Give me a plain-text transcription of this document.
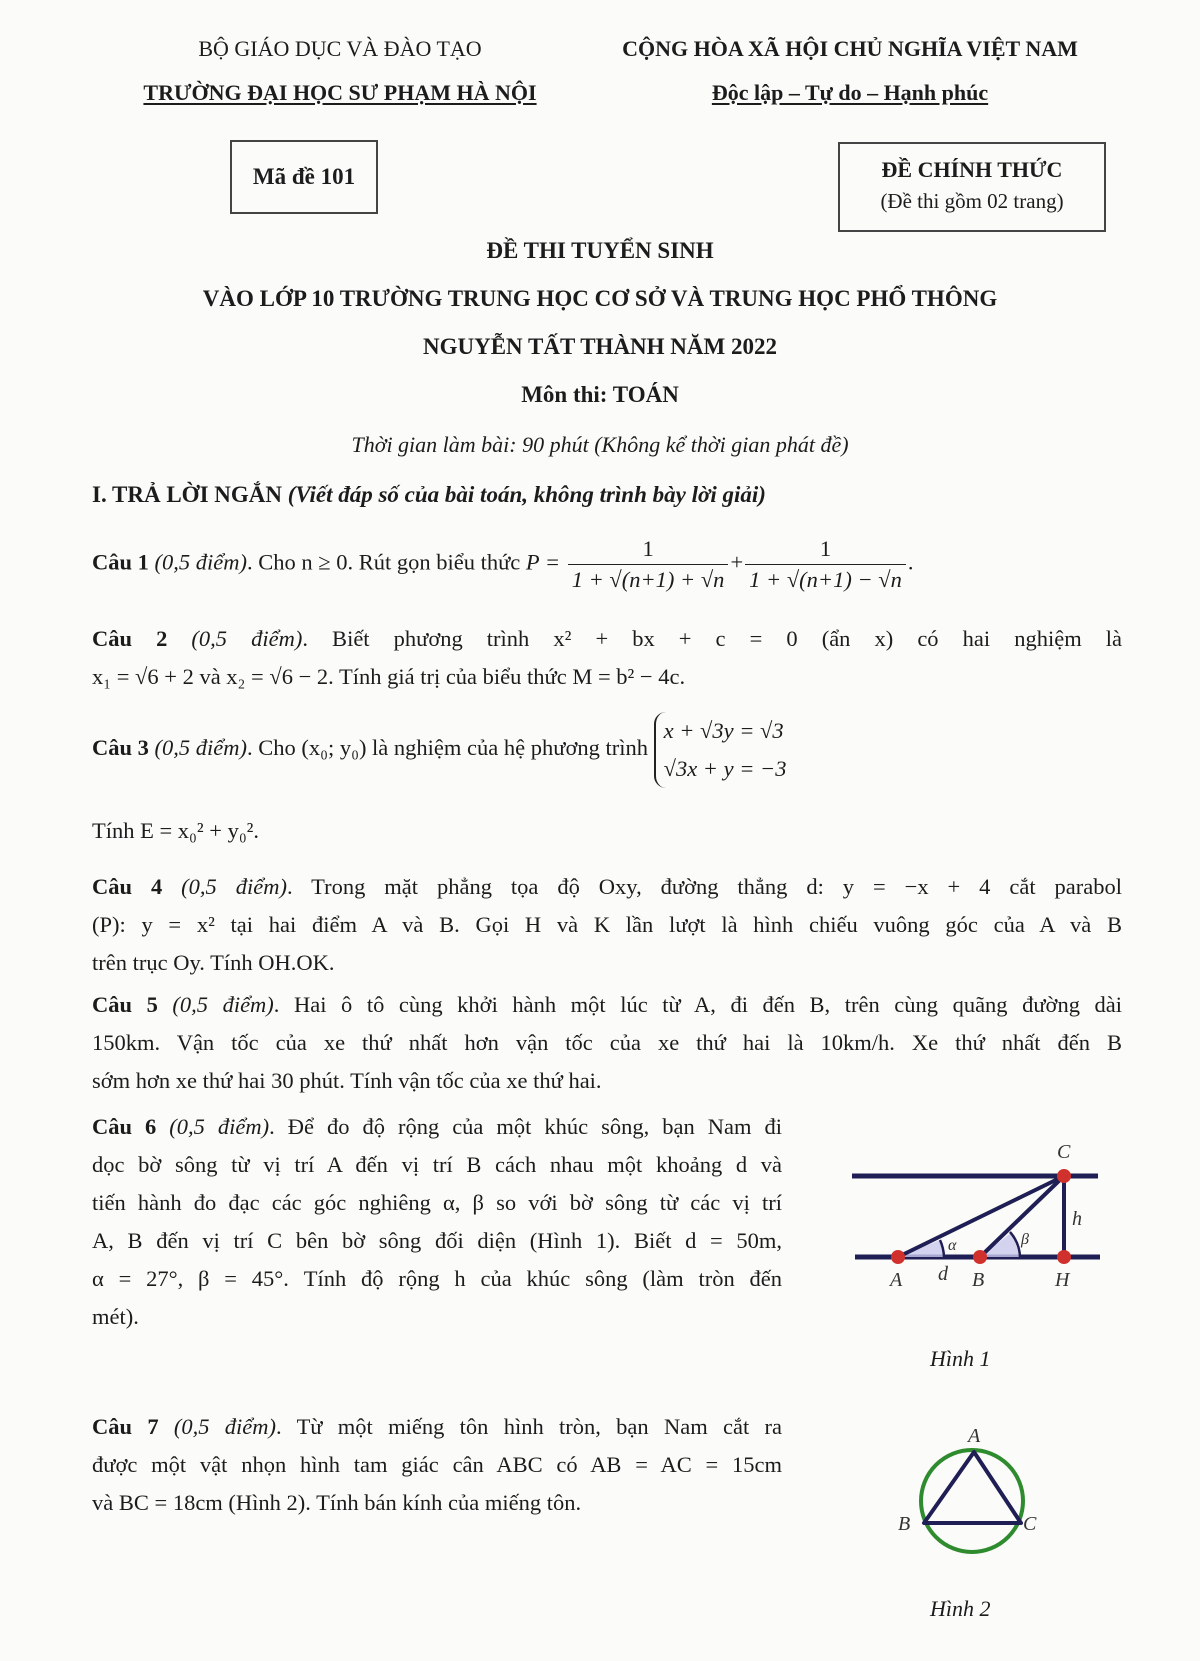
BỘ GIÁO DỤC VÀ ĐÀO TẠO
TRƯỜNG ĐẠI HỌC SƯ PHẠM HÀ NỘI
CỘNG HÒA XÃ HỘI CHỦ NGHĨA VIỆT NAM
Độc lập – Tự do – Hạnh phúc
Mã đề 101	ĐỀ CHÍNH THỨC
(Đề thi gồm 02 trang)
ĐỀ THI TUYỂN SINH
VÀO LỚP 10 TRƯỜNG TRUNG HỌC CƠ SỞ VÀ TRUNG HỌC PHỔ THÔNG
NGUYỄN TẤT THÀNH NĂM 2022
Môn thi: TOÁN
Thời gian làm bài: 90 phút (Không kể thời gian phát đề)
I. TRẢ LỜI NGẮN (Viết đáp số của bài toán, không trình bày lời giải)
Câu 1 (0,5 điểm). Cho n ≥ 0. Rút gọn biểu thức $P = \frac{1}{1 + √(n+1) + √n} + \frac{1}{1 + √(n+1) - √n}$ .
Câu 2 (0,5 điểm). Biết phương trình x² + bx + c = 0 (ẩn x) có hai nghiệm là
x₁ = √6 + 2 và x₂ = √6 − 2. Tính giá trị của biểu thức M = b² − 4c.
Câu 3 (0,5 điểm). Cho (x₀; y₀) là nghiệm của hệ phương trình
x + √3y = √3
√3x + y = −3
Tính E = x₀² + y₀².
Câu 4 (0,5 điểm). Trong mặt phẳng tọa độ Oxy, đường thẳng d: y = −x + 4 cắt parabol
(P): y = x² tại hai điểm A và B. Gọi H và K lần lượt là hình chiếu vuông góc của A và B
trên trục Oy. Tính OH.OK.
Câu 5 (0,5 điểm). Hai ô tô cùng khởi hành một lúc từ A, đi đến B, trên cùng quãng đường dài
150km. Vận tốc của xe thứ nhất hơn vận tốc của xe thứ hai là 10km/h. Xe thứ nhất đến B
sớm hơn xe thứ hai 30 phút. Tính vận tốc của xe thứ hai.
Câu 6 (0,5 điểm). Để đo độ rộng của một khúc sông, bạn Nam đi
dọc bờ sông từ vị trí A đến vị trí B cách nhau một khoảng d và
tiến hành đo đạc các góc nghiêng α, β so với bờ sông từ các vị trí
A, B đến vị trí C bên bờ sông đối diện (Hình 1). Biết d = 50m,
α = 27°, β = 45°. Tính độ rộng h của khúc sông (làm tròn đến
mét).
C
h
α	β
A d B	H
Hình 1
Câu 7 (0,5 điểm). Từ một miếng tôn hình tròn, bạn Nam cắt ra
được một vật nhọn hình tam giác cân ABC có AB = AC = 15cm
và BC = 18cm (Hình 2). Tính bán kính của miếng tôn.
A
B	C
Hình 2
